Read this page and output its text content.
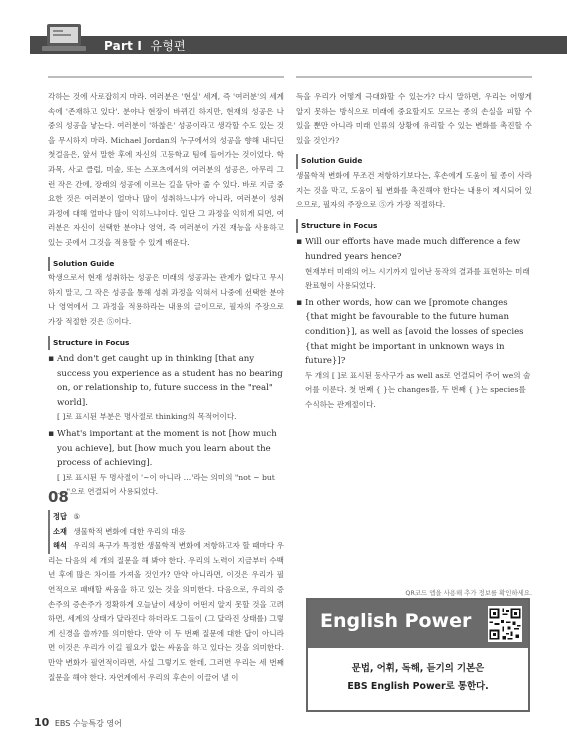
Part Ⅰ 유형편

각하는 것에 사로잡히지 마라. 여러분은 '현실' 세계, 즉 '여러분'의 세계 속에 '존재하고 있다'. 분야나 현장이 바뀌긴 하지만, 현재의 성공은 나중의 성공을 낳는다. 여러분이 '하찮은' 성공이라고 생각할 수도 있는 것을 무시하지 마라. Michael Jordan의 누구에서의 성공을 향해 내디딘 첫걸음은, 앞서 말한 후에 자신의 고등학교 팀에 들어가는 것이었다. 학과목, 사교 클럽, 미술, 또는 스포츠에서의 여러분의 성공은, 아무리 그런 작은 간에, 장래의 성공에 이르는 길을 닦아 줄 수 있다. 바로 지금 중요한 것은 여러분이 얼마나 많이 성취하느냐가 아니라, 여러분이 성취 과정에 대해 얼마나 많이 익히느냐이다. 일단 그 과정을 익히게 되면, 여러분은 자신이 선택한 분야나 영역, 즉 여러분이 가진 재능을 사용하고 있는 곳에서 그것을 적용할 수 있게 배운다.

Solution Guide

학생으로서 현재 성취하는 성공은 미래의 성공과는 관계가 없다고 무시하지 말고, 그 작은 성공을 통해 성취 과정을 익혀서 나중에 선택한 분야나 영역에서 그 과정을 적용하라는 내용의 글이므로, 필자의 주장으로 가장 적절한 것은 ⑤이다.

Structure in Focus
▪ And don't get caught up in thinking [that any success you experience as a student has no bearing on, or relationship to, future success in the "real" world].
[ ]로 표시된 부분은 명사절로 thinking의 목적어이다.
▪ What's important at the moment is not [how much you achieve], but [how much you learn about the process of achieving].
[ ]로 표시된 두 명사절이 '~이 아니라 …'라는 의미의 "not ~ but ...."으로 연결되어 사용되었다.
08
정답 ⑤
소재 생물학적 변화에 대한 우리의 대응

해석 우리의 욕구가 특정한 생물학적 변화에 저항하고자 할 때마다 우리는 다음의 세 개의 질문을 해 봐야 한다. 우리의 노력이 지금부터 수백 년 후에 많은 차이를 가져올 것인가? 만약 아니라면, 이것은 우리가 필연적으로 패배할 싸움을 하고 있는 것을 의미한다. 다음으로, 우리의 증손주의 증손주가 정확하게 오늘날이 세상이 어떤지 알지 못할 것을 고려하면, 세계의 상태가 달라진다 하더라도 그들이 (그 달라진 상태를) 그렇게 신경을 쓸까?를 의미한다. 만약 이 두 번째 질문에 대한 답이 아니라면 이것은 우리가 이길 필요가 없는 싸움을 하고 있다는 것을 의미한다. 만약 변화가 필연적이라면, 사실 그렇기도 한데, 그러면 우리는 세 번째 질문을 해야 한다. 자연계에서 우리의 후손이 이끌어 낼 이

득을 우리가 어떻게 극대화할 수 있는가? 다시 말하면, 우리는 어떻게 알지 못하는 방식으로 미래에 중요할지도 모르는 종의 손실을 피할 수 있을 뿐만 아니라 미래 인류의 상황에 유리할 수 있는 변화를 촉진할 수 있을 것인가?

Solution Guide

생물학적 변화에 무조건 저항하기보다는, 후손에게 도움이 될 종이 사라지는 것을 막고, 도움이 될 변화를 촉진해야 한다는 내용이 제시되어 있으므로, 필자의 주장으로 ⑤가 가장 적절하다.

Structure in Focus
▪ Will our efforts have made much difference a few hundred years hence?
현재부터 미래의 어느 시기까지 일어난 동작의 결과를 표현하는 미래완료형이 사용되었다.
▪ In other words, how can we [promote changes {that might be favourable to the future human condition}], as well as [avoid the losses of species {that might be important in unknown ways in future}]?
두 개의 [ ]로 표시된 동사구가 as well as로 연결되어 주어 we의 술어를 이룬다. 첫 번째 { }는 changes를, 두 번째 { }는 species를 수식하는 관계절이다.
QR코드 앱을 사용해 추가 정보를 확인하세요.
English Power
문법, 어휘, 독해, 듣기의 기본은
EBS English Power로 통한다.
10 EBS 수능특강 영어
